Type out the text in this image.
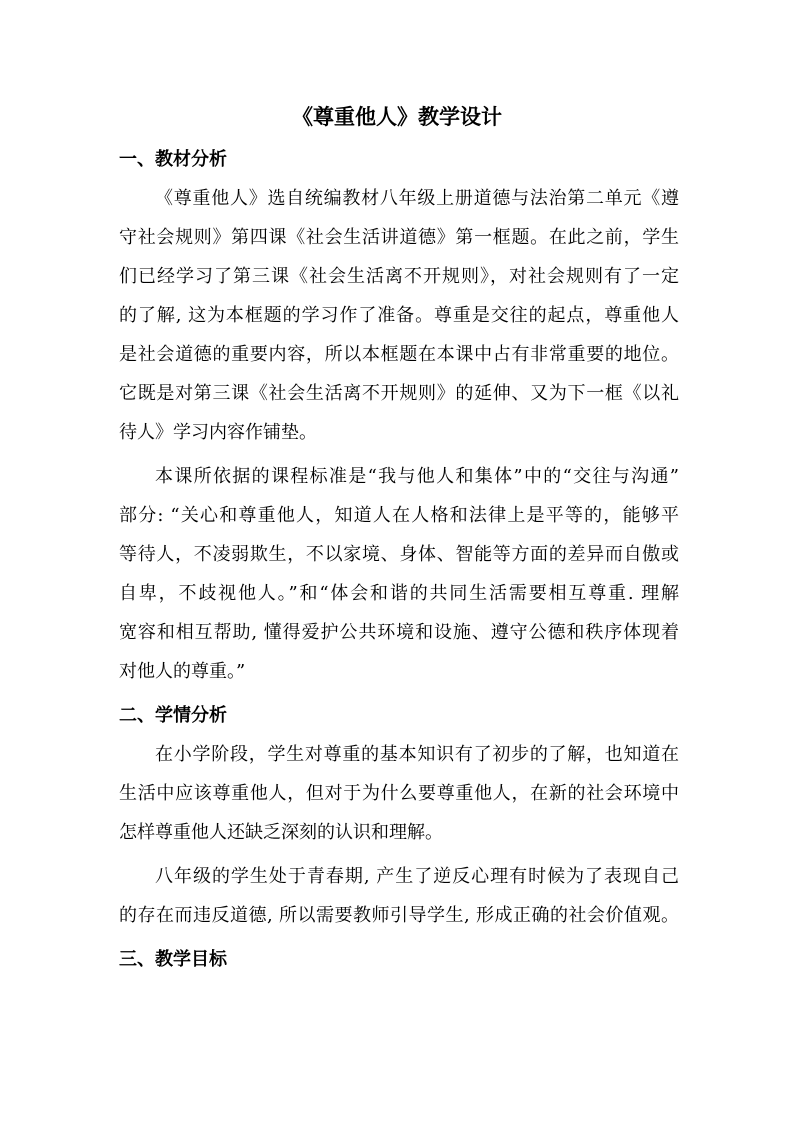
《尊重他人》教学设计
一、教材分析
《尊重他人》选自统编教材八年级上册道德与法治第二单元《遵
守社会规则》第四课《社会生活讲道德》第一框题。在此之前，学生
们已经学习了第三课《社会生活离不开规则》，对社会规则有了一定
的了解, 这为本框题的学习作了准备。尊重是交往的起点，尊重他人
是社会道德的重要内容，所以本框题在本课中占有非常重要的地位。
它既是对第三课《社会生活离不开规则》的延伸、又为下一框《以礼
待人》学习内容作铺垫。
本课所依据的课程标准是“我与他人和集体”中的“交往与沟通”
部分: “关心和尊重他人，知道人在人格和法律上是平等的，能够平
等待人，不凌弱欺生，不以家境、身体、智能等方面的差异而自傲或
自卑，不歧视他人。”和“体会和谐的共同生活需要相互尊重. 理解
宽容和相互帮助, 懂得爱护公共环境和设施、遵守公德和秩序体现着
对他人的尊重。”
二、学情分析
在小学阶段，学生对尊重的基本知识有了初步的了解，也知道在
生活中应该尊重他人，但对于为什么要尊重他人，在新的社会环境中
怎样尊重他人还缺乏深刻的认识和理解。
八年级的学生处于青春期, 产生了逆反心理有时候为了表现自己
的存在而违反道德, 所以需要教师引导学生, 形成正确的社会价值观。
三、教学目标
